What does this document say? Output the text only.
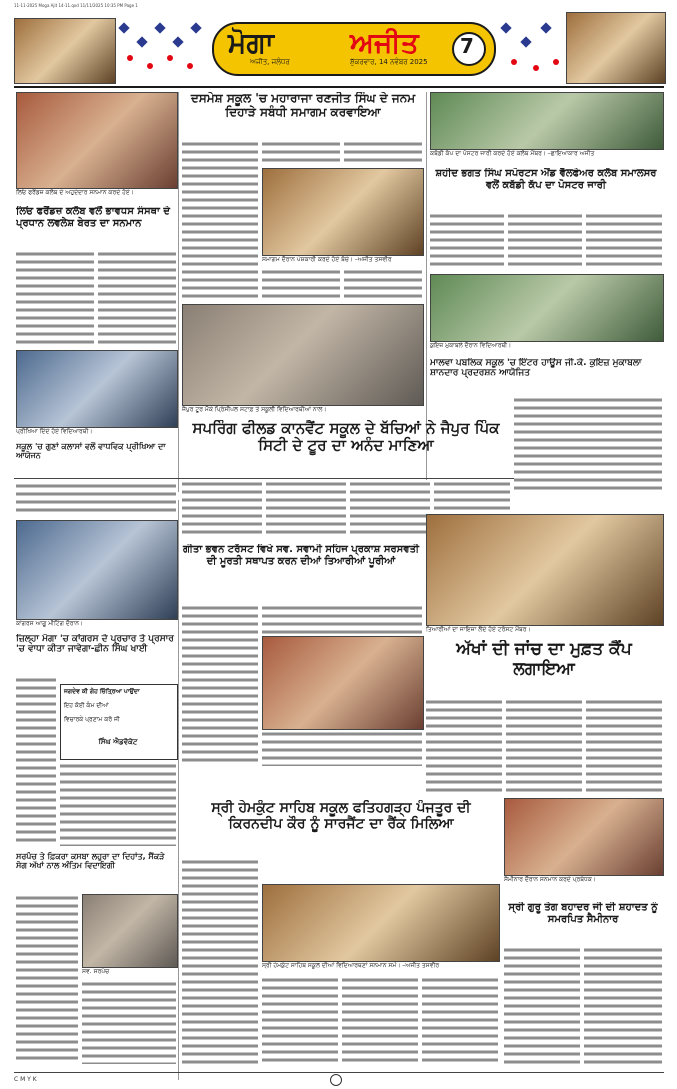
11-11-2025 Moga Ajit 14-11.qxd 11/11/2025 10:35 PM Page 1
ਮੋਗਾ	ਅਜੀਤ
ਅਜੀਤ, ਜਲੰਧਰ	ਸ਼ੁੱਕਰਵਾਰ, 14 ਨਵੰਬਰ 2025
7
ਲਿਓ ਫਰੈਂਡਜ਼ ਕਲੱਬ ਦੇ ਅਹੁਦੇਦਾਰ ਸਨਮਾਨ ਕਰਦੇ ਹੋਏ।
ਲਿਓ ਫਰੈਂਡਜ਼ ਕਲੱਬ ਵਲੋਂ ਭਾਵਧਸ ਸੰਸਥਾ ਦੇ ਪ੍ਰਧਾਨ ਲਵਲੇਸ਼ ਬੇਰਤ ਦਾ ਸਨਮਾਨ
ਦਸਮੇਸ਼ ਸਕੂਲ 'ਚ ਮਹਾਰਾਜਾ ਰਣਜੀਤ ਸਿੰਘ ਦੇ ਜਨਮ ਦਿਹਾੜੇ ਸਬੰਧੀ ਸਮਾਗਮ ਕਰਵਾਇਆ
ਸਮਾਗਮ ਦੌਰਾਨ ਪੇਸ਼ਕਾਰੀ ਕਰਦੇ ਹੋਏ ਬੱਚੇ। –ਅਜੀਤ ਤਸਵੀਰ
ਕਬੱਡੀ ਕੱਪ ਦਾ ਪੋਸਟਰ ਜਾਰੀ ਕਰਦੇ ਹੋਏ ਕਲੱਬ ਮੈਂਬਰ। –ਛਾਇਆਕਾਰ ਅਜੀਤ
ਸ਼ਹੀਦ ਭਗਤ ਸਿੰਘ ਸਪੋਰਟਸ ਐਂਡ ਵੈੱਲਫੇਅਰ ਕਲੱਬ ਸਮਾਲਸਰ ਵਲੋਂ ਕਬੱਡੀ ਕੱਪ ਦਾ ਪੋਸਟਰ ਜਾਰੀ
ਪ੍ਰੀਖਿਆ ਦਿੰਦੇ ਹੋਏ ਵਿਦਿਆਰਥੀ।
ਸਕੂਲ 'ਚ ਗੁਣਾਂ ਕਲਾਸਾਂ ਵਲੋਂ ਵਾਧਵਿਕ ਪ੍ਰੀਖਿਆ ਦਾ ਆਯੋਜਨ
ਜੈਪੁਰ ਟੂਰ ਮੌਕੇ ਪ੍ਰਿੰਸੀਪਲ ਸਟਾਫ਼ ਤੇ ਸਕੂਲੀ ਵਿਦਿਆਰਥੀਆਂ ਨਾਲ।
ਸਪਰਿੰਗ ਫੀਲਡ ਕਾਨਵੈਂਟ ਸਕੂਲ ਦੇ ਬੱਚਿਆਂ ਨੇ ਜੈਪੁਰ ਪਿੰਕ ਸਿਟੀ ਦੇ ਟੂਰ ਦਾ ਅਨੰਦ ਮਾਣਿਆ
ਕੁਇਜ਼ ਮੁਕਾਬਲੇ ਦੌਰਾਨ ਵਿਦਿਆਰਥੀ।
ਮਾਲਵਾ ਪਬਲਿਕ ਸਕੂਲ 'ਚ ਇੰਟਰ ਹਾਊਸ ਜੀ.ਕੇ. ਕੁਇਜ਼ ਮੁਕਾਬਲਾ ਸ਼ਾਨਦਾਰ ਪ੍ਰਦਰਸ਼ਨ ਆਯੋਜਿਤ
ਤਿਆਰੀਆਂ ਦਾ ਜਾਇਜ਼ਾ ਲੈਂਦੇ ਹੋਏ ਟਰੱਸਟ ਮੈਂਬਰ।
ਗੀਤਾ ਭਵਨ ਟਰੱਸਟ ਵਿਖੇ ਸਵ. ਸਵਾਮੀ ਸਹਿਜ ਪ੍ਰਕਾਸ਼ ਸਰਸਵਤੀ ਦੀ ਮੂਰਤੀ ਸਥਾਪਤ ਕਰਨ ਦੀਆਂ ਤਿਆਰੀਆਂ ਪੂਰੀਆਂ
ਕਾਂਗਰਸ ਆਗੂ ਮੀਟਿੰਗ ਦੌਰਾਨ।
ਜ਼ਿਲ੍ਹਾ ਮੋਗਾ 'ਚ ਕਾਂਗਰਸ ਦੇ ਪ੍ਰਚਾਰ ਤੇ ਪ੍ਰਸਾਰ 'ਚ ਵਾਧਾ ਕੀਤਾ ਜਾਵੇਗਾ-ਛੀਨ ਸਿੰਘ ਖਾਈ	ਅੱਖਾਂ ਦੀ ਜਾਂਚ ਦਾ ਮੁਫ਼ਤ ਕੈਂਪ ਲਗਾਇਆ
ਜਗਦੇਵ ਕੀ ਗੋਹ ਚਿੱਤ੍ਰਿਆ ਪਾਉਂਦਾ
ਇਹ ਕੋਈ ਕੰਮ ਦੀਆਂ
ਵਿਚਾਰਕੇ ਪ੍ਰਣਾਮ ਕਰੋ ਜੀ
ਸਿੰਘ ਐਡਵੋਕੇਟ
ਸ੍ਰੀ ਹੇਮਕੁੰਟ ਸਾਹਿਬ ਸਕੂਲ ਫਤਿਹਗੜ੍ਹ ਪੰਜਤੂਰ ਦੀ ਕਿਰਨਦੀਪ ਕੌਰ ਨੂੰ ਸਾਰਜੈਂਟ ਦਾ ਰੈਂਕ ਮਿਲਿਆ
ਸੈਮੀਨਾਰ ਦੌਰਾਨ ਸਨਮਾਨ ਕਰਦੇ ਪ੍ਰਬੰਧਕ।
ਸ੍ਰੀ ਗੁਰੂ ਤੇਗ ਬਹਾਦਰ ਜੀ ਦੀ ਸ਼ਹਾਦਤ ਨੂੰ ਸਮਰਪਿਤ ਸੈਮੀਨਾਰ
ਸਰਪੰਚ ਤੇ ਫ਼ਿਕਰਾ ਕਸਬਾ ਲਹੁਰਾ ਦਾ ਦਿਹਾਂਤ, ਸੈਂਕੜੇ ਸੋਗ ਅੱਖਾਂ ਨਾਲ ਅੰਤਿਮ ਵਿਦਾਇਗੀ
ਸਵ. ਸਰਪੰਚ
ਸ੍ਰੀ ਹੇਮਕੁੰਟ ਸਾਹਿਬ ਸਕੂਲ ਦੀਆਂ ਵਿਦਿਆਰਥਣਾਂ ਸਨਮਾਨ ਸਮੇਂ। –ਅਜੀਤ ਤਸਵੀਰ
C M Y K
